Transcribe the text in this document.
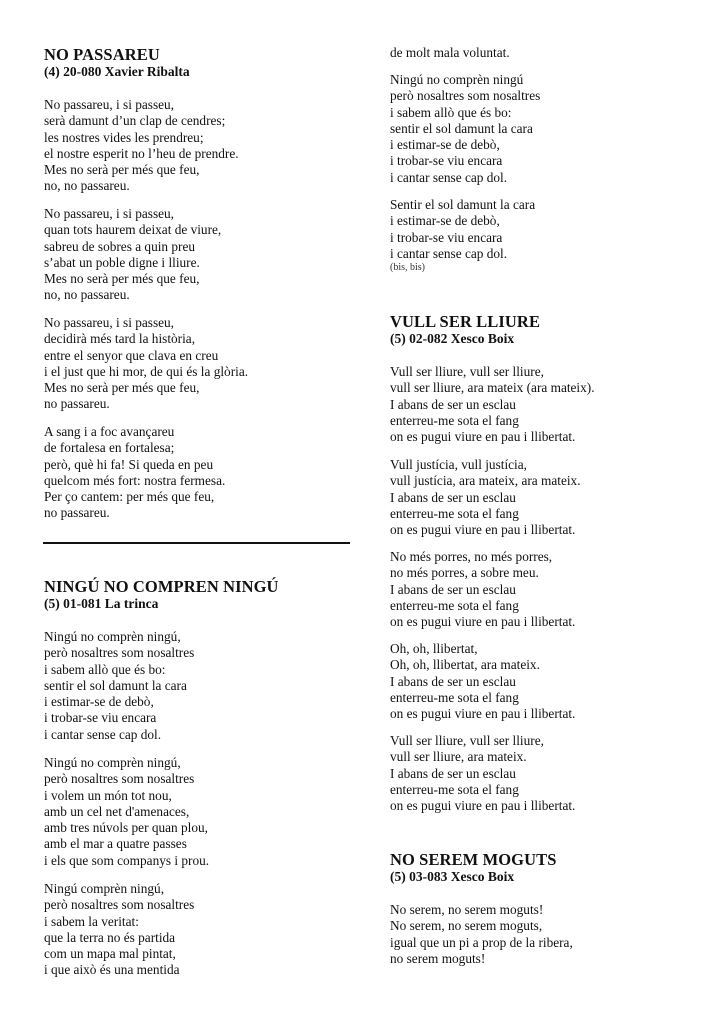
NO PASSAREU
(4) 20-080 Xavier Ribalta
No passareu, i si passeu,
serà damunt d’un clap de cendres;
les nostres vides les prendreu;
el nostre esperit no l’heu de prendre.
Mes no serà per més que feu,
no, no passareu.
No passareu, i si passeu,
quan tots haurem deixat de viure,
sabreu de sobres a quin preu
s’abat un poble digne i lliure.
Mes no serà per més que feu,
no, no passareu.
No passareu, i si passeu,
decidirà més tard la història,
entre el senyor que clava en creu
i el just que hi mor, de qui és la glòria.
Mes no serà per més que feu,
no passareu.
A sang i a foc avançareu
de fortalesa en fortalesa;
però, què hi fa! Si queda en peu
quelcom més fort: nostra fermesa.
Per ço cantem: per més que feu,
no passareu.
NINGÚ NO COMPREN NINGÚ
(5) 01-081 La trinca
Ningú no comprèn ningú,
però nosaltres som nosaltres
i sabem allò que és bo:
sentir el sol damunt la cara
i estimar-se de debò,
i trobar-se viu encara
i cantar sense cap dol.
Ningú no comprèn ningú,
però nosaltres som nosaltres
i volem un món tot nou,
amb un cel net d'amenaces,
amb tres núvols per quan plou,
amb el mar a quatre passes
i els que som companys i prou.
Ningú comprèn ningú,
però nosaltres som nosaltres
i sabem la veritat:
que la terra no és partida
com un mapa mal pintat,
i que això és una mentida
de molt mala voluntat.
Ningú no comprèn ningú
però nosaltres som nosaltres
i sabem allò que és bo:
sentir el sol damunt la cara
i estimar-se de debò,
i trobar-se viu encara
i cantar sense cap dol.
Sentir el sol damunt la cara
i estimar-se de debò,
i trobar-se viu encara
i cantar sense cap dol.
(bis, bis)
VULL SER LLIURE
(5) 02-082 Xesco Boix
Vull ser lliure, vull ser lliure,
vull ser lliure, ara mateix (ara mateix).
I abans de ser un esclau
enterreu-me sota el fang
on es pugui viure en pau i llibertat.
Vull justícia, vull justícia,
vull justícia, ara mateix, ara mateix.
I abans de ser un esclau
enterreu-me sota el fang
on es pugui viure en pau i llibertat.
No més porres, no més porres,
no més porres, a sobre meu.
I abans de ser un esclau
enterreu-me sota el fang
on es pugui viure en pau i llibertat.
Oh, oh, llibertat,
Oh, oh, llibertat, ara mateix.
I abans de ser un esclau
enterreu-me sota el fang
on es pugui viure en pau i llibertat.
Vull ser lliure, vull ser lliure,
vull ser lliure, ara mateix.
I abans de ser un esclau
enterreu-me sota el fang
on es pugui viure en pau i llibertat.
NO SEREM MOGUTS
(5) 03-083 Xesco Boix
No serem, no serem moguts!
No serem, no serem moguts,
igual que un pi a prop de la ribera,
no serem moguts!
